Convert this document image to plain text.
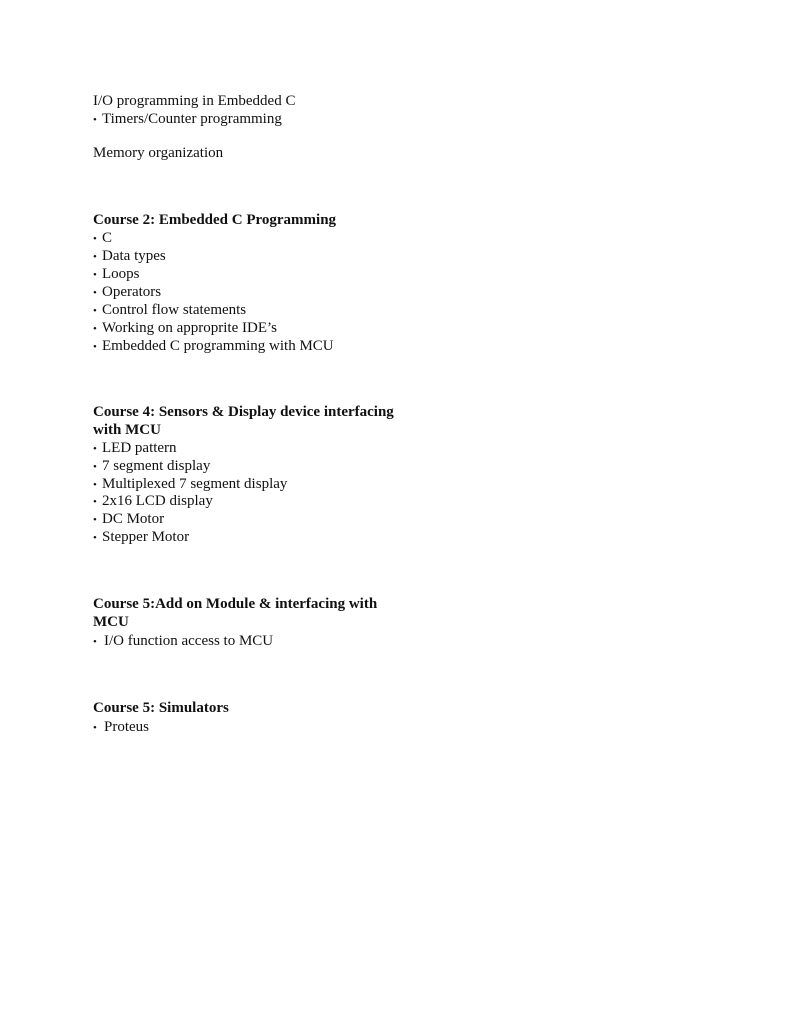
I/O programming in Embedded C
• Timers/Counter programming
Memory organization
Course 2: Embedded C Programming
• C
• Data types
• Loops
• Operators
• Control flow statements
• Working on approprite IDE’s
• Embedded C programming with MCU
Course 4: Sensors & Display device interfacing
with MCU
• LED pattern
• 7 segment display
• Multiplexed 7 segment display
• 2x16 LCD display
• DC Motor
• Stepper Motor
Course 5:Add on Module & interfacing with
MCU
• I/O function access to MCU
Course 5: Simulators
• Proteus
